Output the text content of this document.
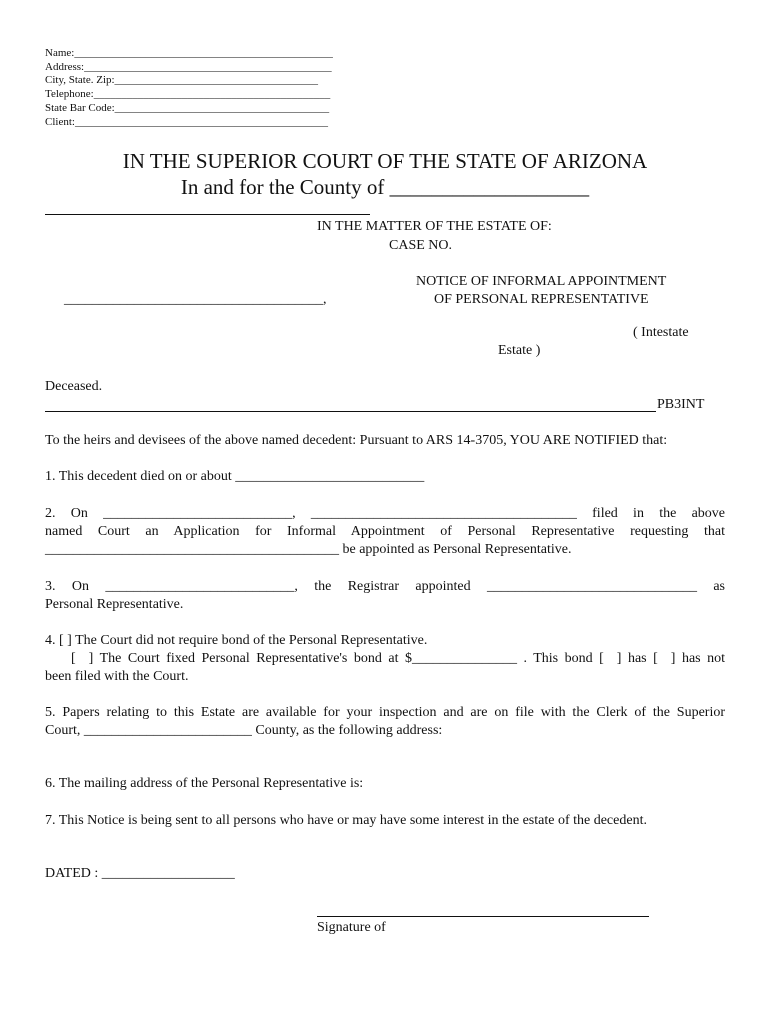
Name:_______________________________________________
Address:_____________________________________________
City, State. Zip:_____________________________________
Telephone:___________________________________________
State Bar Code:_______________________________________
Client:______________________________________________
IN THE SUPERIOR COURT OF THE STATE OF ARIZONA
In and for the County of ___________________
IN THE MATTER OF THE ESTATE OF:
CASE NO.
NOTICE OF INFORMAL APPOINTMENT
OF PERSONAL REPRESENTATIVE
_____________________________________,
( Intestate
Estate )
Deceased.
PB3INT
To the heirs and devisees of the above named decedent: Pursuant to ARS 14-3705, YOU ARE NOTIFIED that:
1. This decedent died on or about ___________________________
2. On ___________________________, ______________________________________ filed in the above
named Court an Application for Informal Appointment of Personal Representative requesting that
__________________________________________ be appointed as Personal Representative.
3. On ___________________________, the Registrar appointed ______________________________ as
Personal Representative.
4. [ ] The Court did not require bond of the Personal Representative.
[  ] The Court fixed Personal Representative's bond at $_______________ . This bond [  ] has [  ] has not
been filed with the Court.
5. Papers relating to this Estate are available for your inspection and are on file with the Clerk of the Superior
Court, ________________________ County, as the following address:
6. The mailing address of the Personal Representative is:
7. This Notice is being sent to all persons who have or may have some interest in the estate of the decedent.
DATED : ___________________
Signature of
